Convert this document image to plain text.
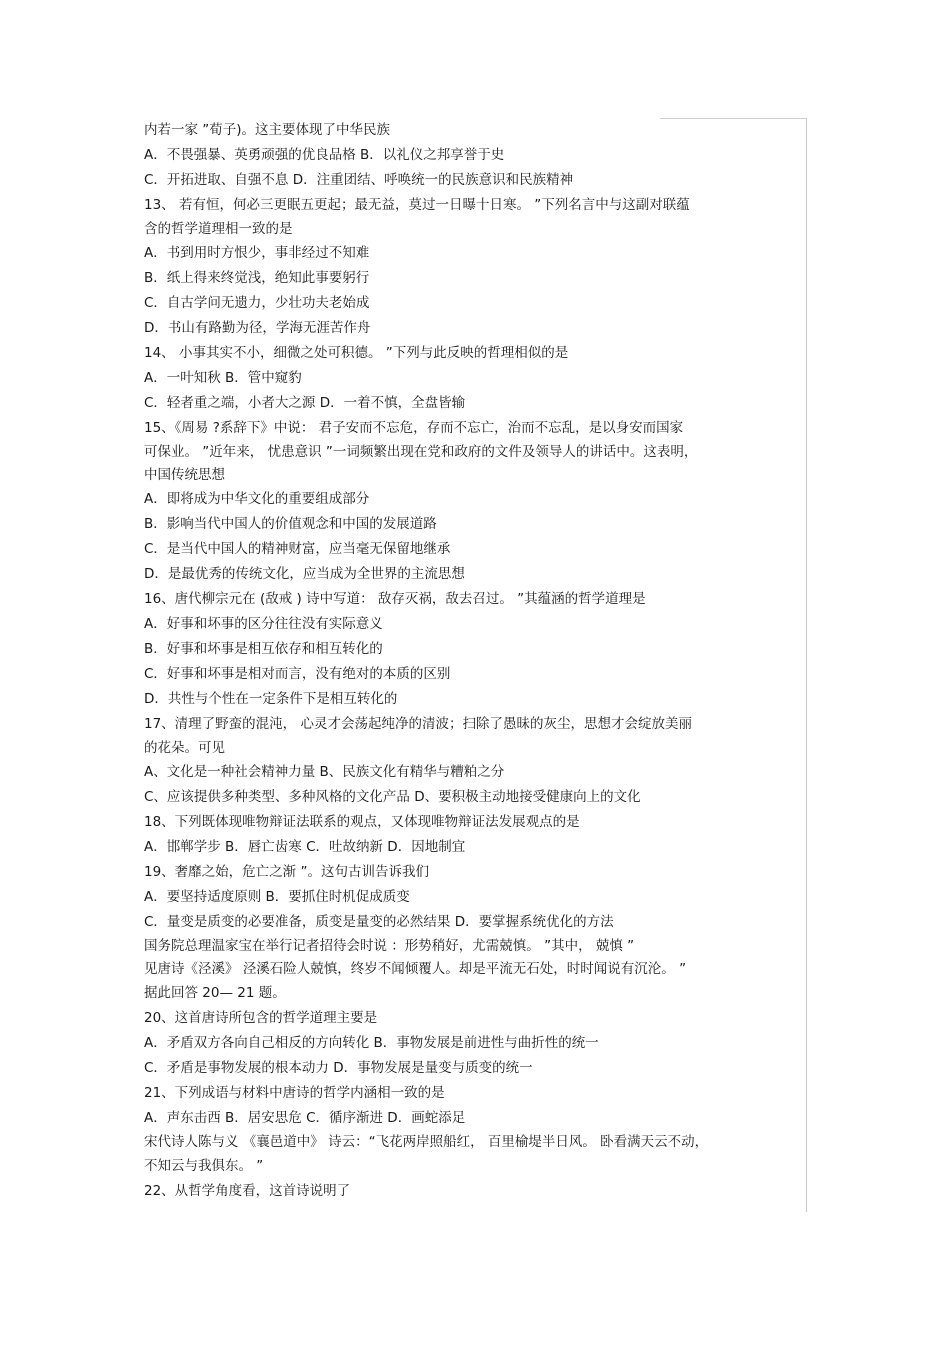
内若一家 ”荀子)。这主要体现了中华民族
A．不畏强暴、英勇顽强的优良品格 B．以礼仪之邦享誉于史
C．开拓进取、自强不息 D．注重团结、呼唤统一的民族意识和民族精神
13、 若有恒，何必三更眠五更起；最无益，莫过一日曝十日寒。 ”下列名言中与这副对联蕴
含的哲学道理相一致的是
A．书到用时方恨少，事非经过不知难
B．纸上得来终觉浅，绝知此事要躬行
C．自古学问无遗力，少壮功夫老始成
D．书山有路勤为径，学海无涯苦作舟
14、 小事其实不小，细微之处可积德。 ”下列与此反映的哲理相似的是
A．一叶知秋 B．管中窥豹
C．轻者重之端，小者大之源 D．一着不慎，全盘皆输
15、《周易 ?系辞下》中说： 君子安而不忘危，存而不忘亡，治而不忘乱，是以身安而国家
可保业。 ”近年来， 忧患意识 ”一词频繁出现在党和政府的文件及领导人的讲话中。这表明，
中国传统思想
A．即将成为中华文化的重要组成部分
B．影响当代中国人的价值观念和中国的发展道路
C．是当代中国人的精神财富，应当毫无保留地继承
D．是最优秀的传统文化，应当成为全世界的主流思想
16、唐代柳宗元在 (敌戒 ) 诗中写道： 敌存灭祸，敌去召过。 ”其蕴涵的哲学道理是
A．好事和坏事的区分往往没有实际意义
B．好事和坏事是相互依存和相互转化的
C．好事和坏事是相对而言，没有绝对的本质的区别
D．共性与个性在一定条件下是相互转化的
17、清理了野蛮的混沌， 心灵才会荡起纯净的清波；扫除了愚昧的灰尘，思想才会绽放美丽
的花朵。可见
A、文化是一种社会精神力量 B、民族文化有精华与糟粕之分
C、应该提供多种类型、多种风格的文化产品 D、要积极主动地接受健康向上的文化
18、下列既体现唯物辩证法联系的观点，又体现唯物辩证法发展观点的是
A．邯郸学步 B．唇亡齿寒 C．吐故纳新 D．因地制宜
19、奢靡之始，危亡之渐 ”。这句古训告诉我们
A．要坚持适度原则 B．要抓住时机促成质变
C．量变是质变的必要准备，质变是量变的必然结果 D．要掌握系统优化的方法
国务院总理温家宝在举行记者招待会时说 ：形势稍好，尤需兢慎。 ”其中， 兢慎 ”
见唐诗《泾溪》 泾溪石险人兢慎，终岁不闻倾覆人。却是平流无石处，时时闻说有沉沦。 ”
据此回答 20— 21 题。
20、这首唐诗所包含的哲学道理主要是
A．矛盾双方各向自己相反的方向转化 B．事物发展是前进性与曲折性的统一
C．矛盾是事物发展的根本动力 D．事物发展是量变与质变的统一
21、下列成语与材料中唐诗的哲学内涵相一致的是
A．声东击西 B．居安思危 C．循序渐进 D．画蛇添足
宋代诗人陈与义 《襄邑道中》 诗云：“飞花两岸照船红， 百里榆堤半日风。 卧看满天云不动，
不知云与我俱东。 ”
22、从哲学角度看，这首诗说明了
